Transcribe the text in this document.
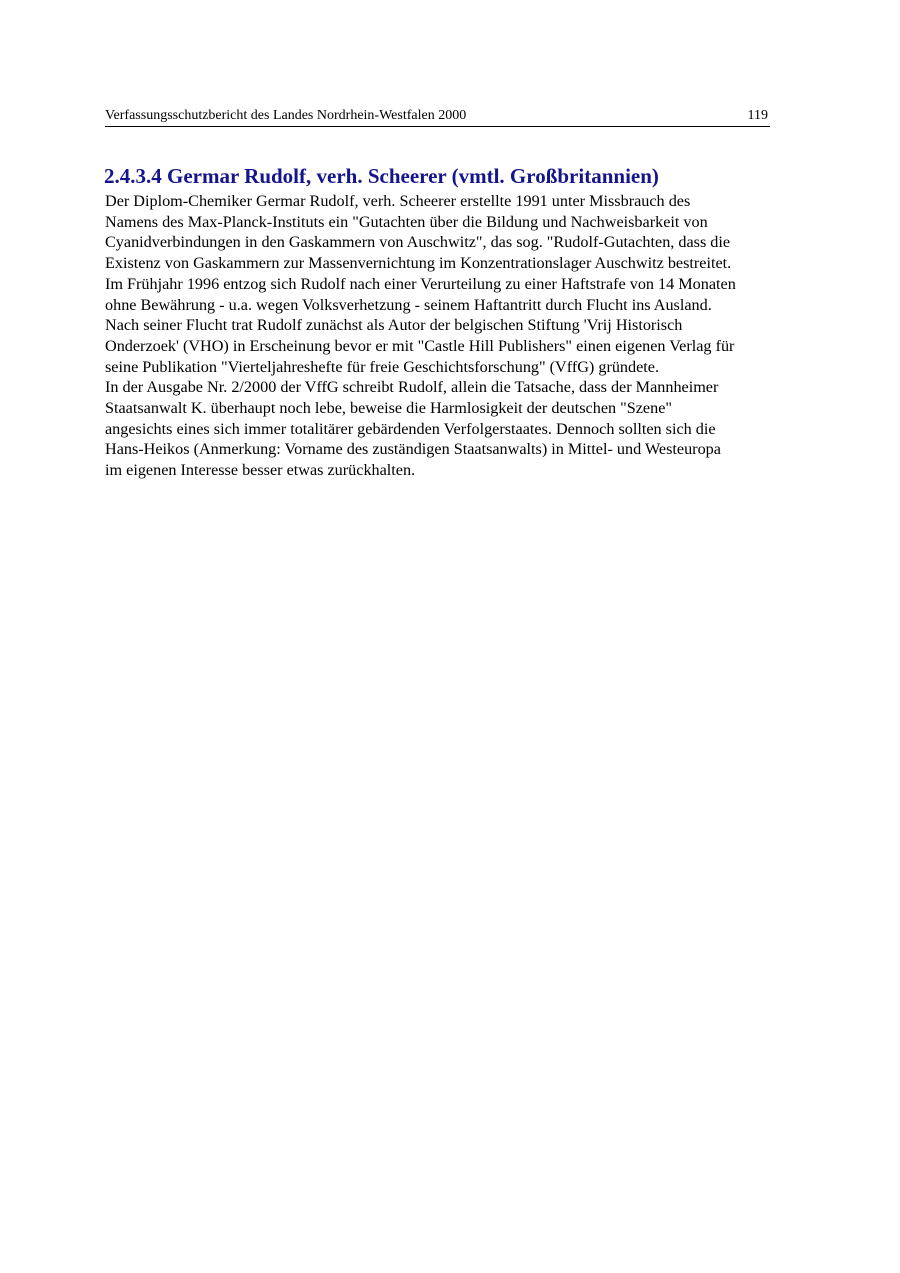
Verfassungsschutzbericht des Landes Nordrhein-Westfalen 2000	119
2.4.3.4 Germar Rudolf, verh. Scheerer (vmtl. Großbritannien)
Der Diplom-Chemiker Germar Rudolf, verh. Scheerer erstellte 1991 unter Missbrauch des
Namens des Max-Planck-Instituts ein "Gutachten über die Bildung und Nachweisbarkeit von
Cyanidverbindungen in den Gaskammern von Auschwitz", das sog. "Rudolf-Gutachten, dass die
Existenz von Gaskammern zur Massenvernichtung im Konzentrationslager Auschwitz bestreitet.
Im Frühjahr 1996 entzog sich Rudolf nach einer Verurteilung zu einer Haftstrafe von 14 Monaten
ohne Bewährung - u.a. wegen Volksverhetzung - seinem Haftantritt durch Flucht ins Ausland.
Nach seiner Flucht trat Rudolf zunächst als Autor der belgischen Stiftung 'Vrij Historisch
Onderzoek' (VHO) in Erscheinung bevor er mit "Castle Hill Publishers" einen eigenen Verlag für
seine Publikation "Vierteljahreshefte für freie Geschichtsforschung" (VffG) gründete.
In der Ausgabe Nr. 2/2000 der VffG schreibt Rudolf, allein die Tatsache, dass der Mannheimer
Staatsanwalt K. überhaupt noch lebe, beweise die Harmlosigkeit der deutschen "Szene"
angesichts eines sich immer totalitärer gebärdenden Verfolgerstaates. Dennoch sollten sich die
Hans-Heikos (Anmerkung: Vorname des zuständigen Staatsanwalts) in Mittel- und Westeuropa
im eigenen Interesse besser etwas zurückhalten.
